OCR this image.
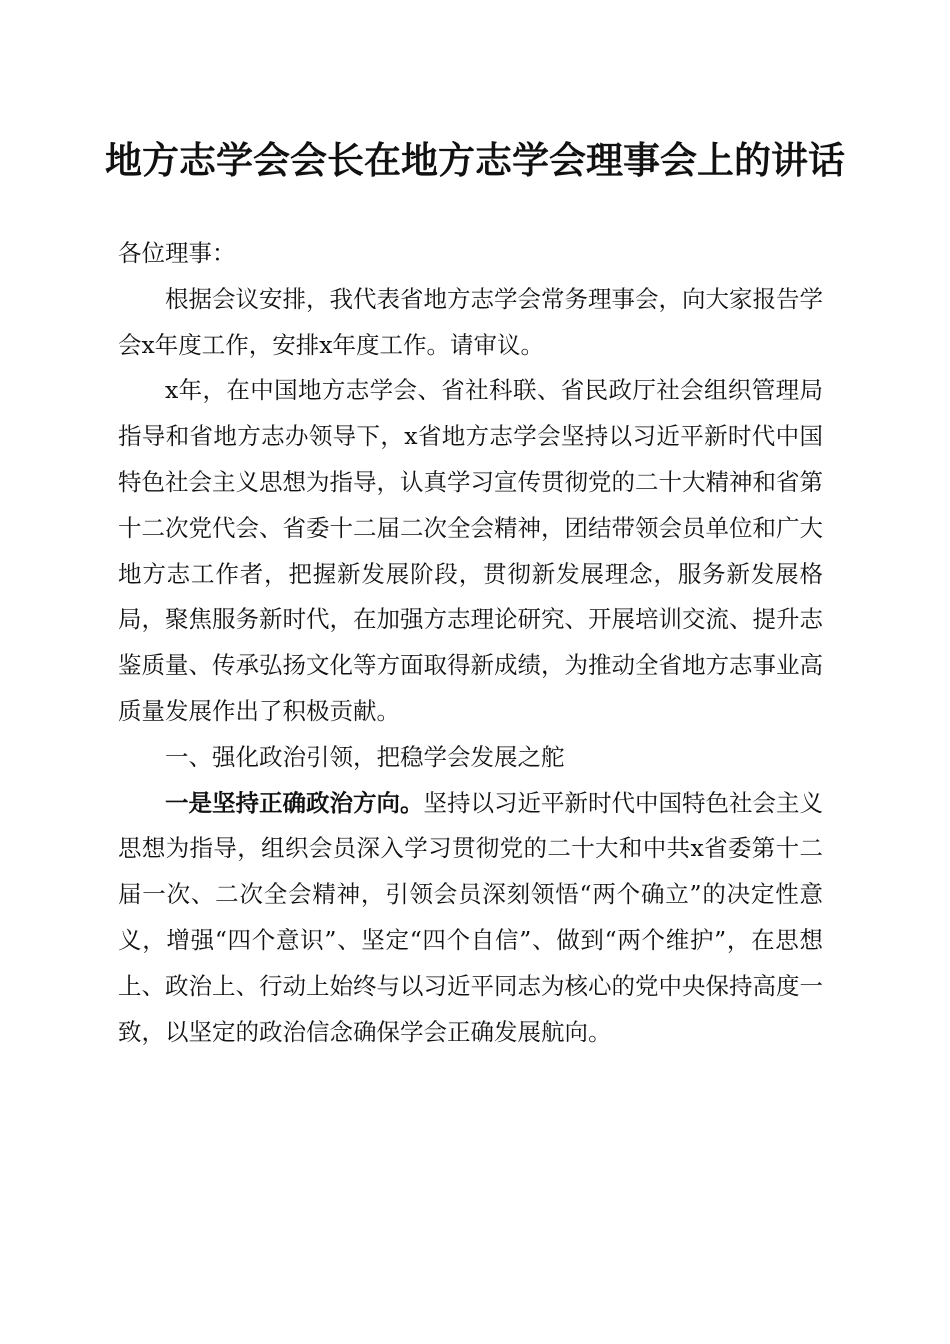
地方志学会会长在地方志学会理事会上的讲话

各位理事：

根据会议安排，我代表省地方志学会常务理事会，向大家报告学会x年度工作，安排x年度工作。请审议。

x年，在中国地方志学会、省社科联、省民政厅社会组织管理局指导和省地方志办领导下，x省地方志学会坚持以习近平新时代中国特色社会主义思想为指导，认真学习宣传贯彻党的二十大精神和省第十二次党代会、省委十二届二次全会精神，团结带领会员单位和广大地方志工作者，把握新发展阶段，贯彻新发展理念，服务新发展格局，聚焦服务新时代，在加强方志理论研究、开展培训交流、提升志鉴质量、传承弘扬文化等方面取得新成绩，为推动全省地方志事业高质量发展作出了积极贡献。

一、强化政治引领，把稳学会发展之舵

一是坚持正确政治方向。坚持以习近平新时代中国特色社会主义思想为指导，组织会员深入学习贯彻党的二十大和中共x省委第十二届一次、二次全会精神，引领会员深刻领悟“两个确立”的决定性意义，增强“四个意识”、坚定“四个自信”、做到“两个维护”，在思想上、政治上、行动上始终与以习近平同志为核心的党中央保持高度一致，以坚定的政治信念确保学会正确发展航向。
